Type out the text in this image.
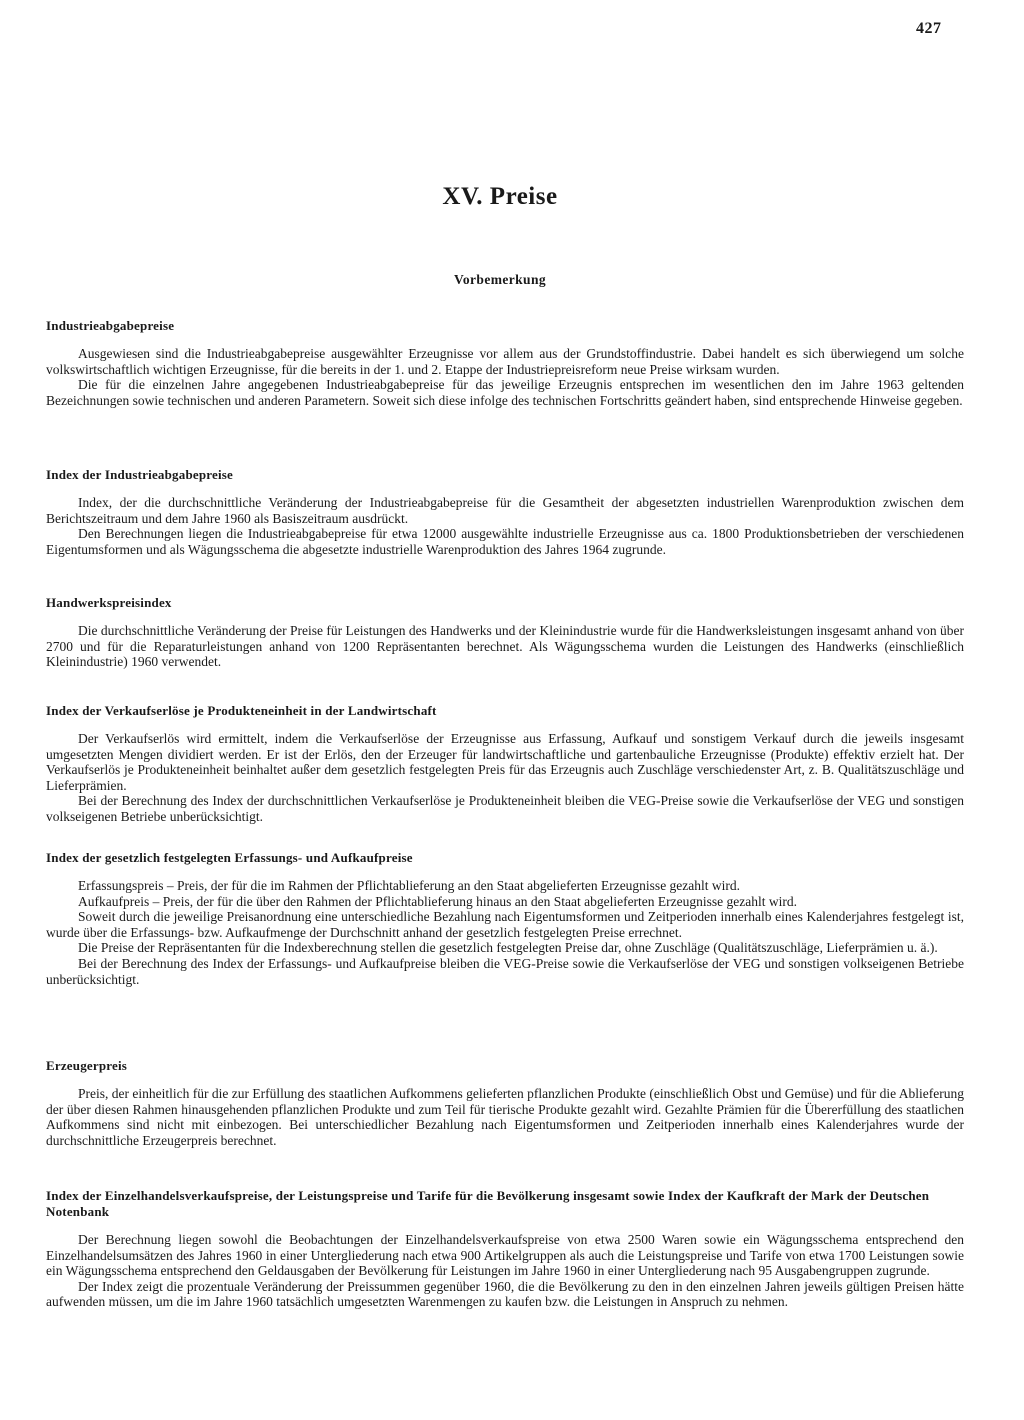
427
XV. Preise
Vorbemerkung
Industrieabgabepreise

Ausgewiesen sind die Industrieabgabepreise ausgewählter Erzeugnisse vor allem aus der Grundstoffindustrie. Dabei handelt es sich überwiegend um solche volkswirtschaftlich wichtigen Erzeugnisse, für die bereits in der 1. und 2. Etappe der Industriepreisreform neue Preise wirksam wurden.

Die für die einzelnen Jahre angegebenen Industrieabgabepreise für das jeweilige Erzeugnis entsprechen im wesentlichen den im Jahre 1963 geltenden Bezeichnungen sowie technischen und anderen Parametern. Soweit sich diese infolge des technischen Fortschritts geändert haben, sind entsprechende Hinweise gegeben.

Index der Industrieabgabepreise

Index, der die durchschnittliche Veränderung der Industrieabgabepreise für die Gesamtheit der abgesetzten industriellen Warenproduktion zwischen dem Berichtszeitraum und dem Jahre 1960 als Basiszeitraum ausdrückt.

Den Berechnungen liegen die Industrieabgabepreise für etwa 12000 ausgewählte industrielle Erzeugnisse aus ca. 1800 Produktionsbetrieben der verschiedenen Eigentumsformen und als Wägungsschema die abgesetzte industrielle Warenproduktion des Jahres 1964 zugrunde.

Handwerkspreisindex

Die durchschnittliche Veränderung der Preise für Leistungen des Handwerks und der Kleinindustrie wurde für die Handwerksleistungen insgesamt anhand von über 2700 und für die Reparaturleistungen anhand von 1200 Repräsentanten berechnet. Als Wägungsschema wurden die Leistungen des Handwerks (einschließlich Kleinindustrie) 1960 verwendet.

Index der Verkaufserlöse je Produkteneinheit in der Landwirtschaft

Der Verkaufserlös wird ermittelt, indem die Verkaufserlöse der Erzeugnisse aus Erfassung, Aufkauf und sonstigem Verkauf durch die jeweils insgesamt umgesetzten Mengen dividiert werden. Er ist der Erlös, den der Erzeuger für landwirtschaftliche und gartenbauliche Erzeugnisse (Produkte) effektiv erzielt hat. Der Verkaufserlös je Produkteneinheit beinhaltet außer dem gesetzlich festgelegten Preis für das Erzeugnis auch Zuschläge verschiedenster Art, z. B. Qualitätszuschläge und Lieferprämien.

Bei der Berechnung des Index der durchschnittlichen Verkaufserlöse je Produkteneinheit bleiben die VEG-Preise sowie die Verkaufserlöse der VEG und sonstigen volkseigenen Betriebe unberücksichtigt.

Index der gesetzlich festgelegten Erfassungs- und Aufkaufpreise

Erfassungspreis – Preis, der für die im Rahmen der Pflichtablieferung an den Staat abgelieferten Erzeugnisse gezahlt wird.

Aufkaufpreis – Preis, der für die über den Rahmen der Pflichtablieferung hinaus an den Staat abgelieferten Erzeugnisse gezahlt wird.

Soweit durch die jeweilige Preisanordnung eine unterschiedliche Bezahlung nach Eigentumsformen und Zeitperioden innerhalb eines Kalenderjahres festgelegt ist, wurde über die Erfassungs- bzw. Aufkaufmenge der Durchschnitt anhand der gesetzlich festgelegten Preise errechnet.

Die Preise der Repräsentanten für die Indexberechnung stellen die gesetzlich festgelegten Preise dar, ohne Zuschläge (Qualitätszuschläge, Lieferprämien u. ä.).

Bei der Berechnung des Index der Erfassungs- und Aufkaufpreise bleiben die VEG-Preise sowie die Verkaufserlöse der VEG und sonstigen volkseigenen Betriebe unberücksichtigt.

Erzeugerpreis

Preis, der einheitlich für die zur Erfüllung des staatlichen Aufkommens gelieferten pflanzlichen Produkte (einschließlich Obst und Gemüse) und für die Ablieferung der über diesen Rahmen hinausgehenden pflanzlichen Produkte und zum Teil für tierische Produkte gezahlt wird. Gezahlte Prämien für die Übererfüllung des staatlichen Aufkommens sind nicht mit einbezogen. Bei unterschiedlicher Bezahlung nach Eigentumsformen und Zeitperioden innerhalb eines Kalenderjahres wurde der durchschnittliche Erzeugerpreis berechnet.

Index der Einzelhandelsverkaufspreise, der Leistungspreise und Tarife für die Bevölkerung insgesamt sowie Index der Kaufkraft der Mark der Deutschen Notenbank

Der Berechnung liegen sowohl die Beobachtungen der Einzelhandelsverkaufspreise von etwa 2500 Waren sowie ein Wägungsschema entsprechend den Einzelhandelsumsätzen des Jahres 1960 in einer Untergliederung nach etwa 900 Artikelgruppen als auch die Leistungspreise und Tarife von etwa 1700 Leistungen sowie ein Wägungsschema entsprechend den Geldausgaben der Bevölkerung für Leistungen im Jahre 1960 in einer Untergliederung nach 95 Ausgabengruppen zugrunde.

Der Index zeigt die prozentuale Veränderung der Preissummen gegenüber 1960, die die Bevölkerung zu den in den einzelnen Jahren jeweils gültigen Preisen hätte aufwenden müssen, um die im Jahre 1960 tatsächlich umgesetzten Warenmengen zu kaufen bzw. die Leistungen in Anspruch zu nehmen.
